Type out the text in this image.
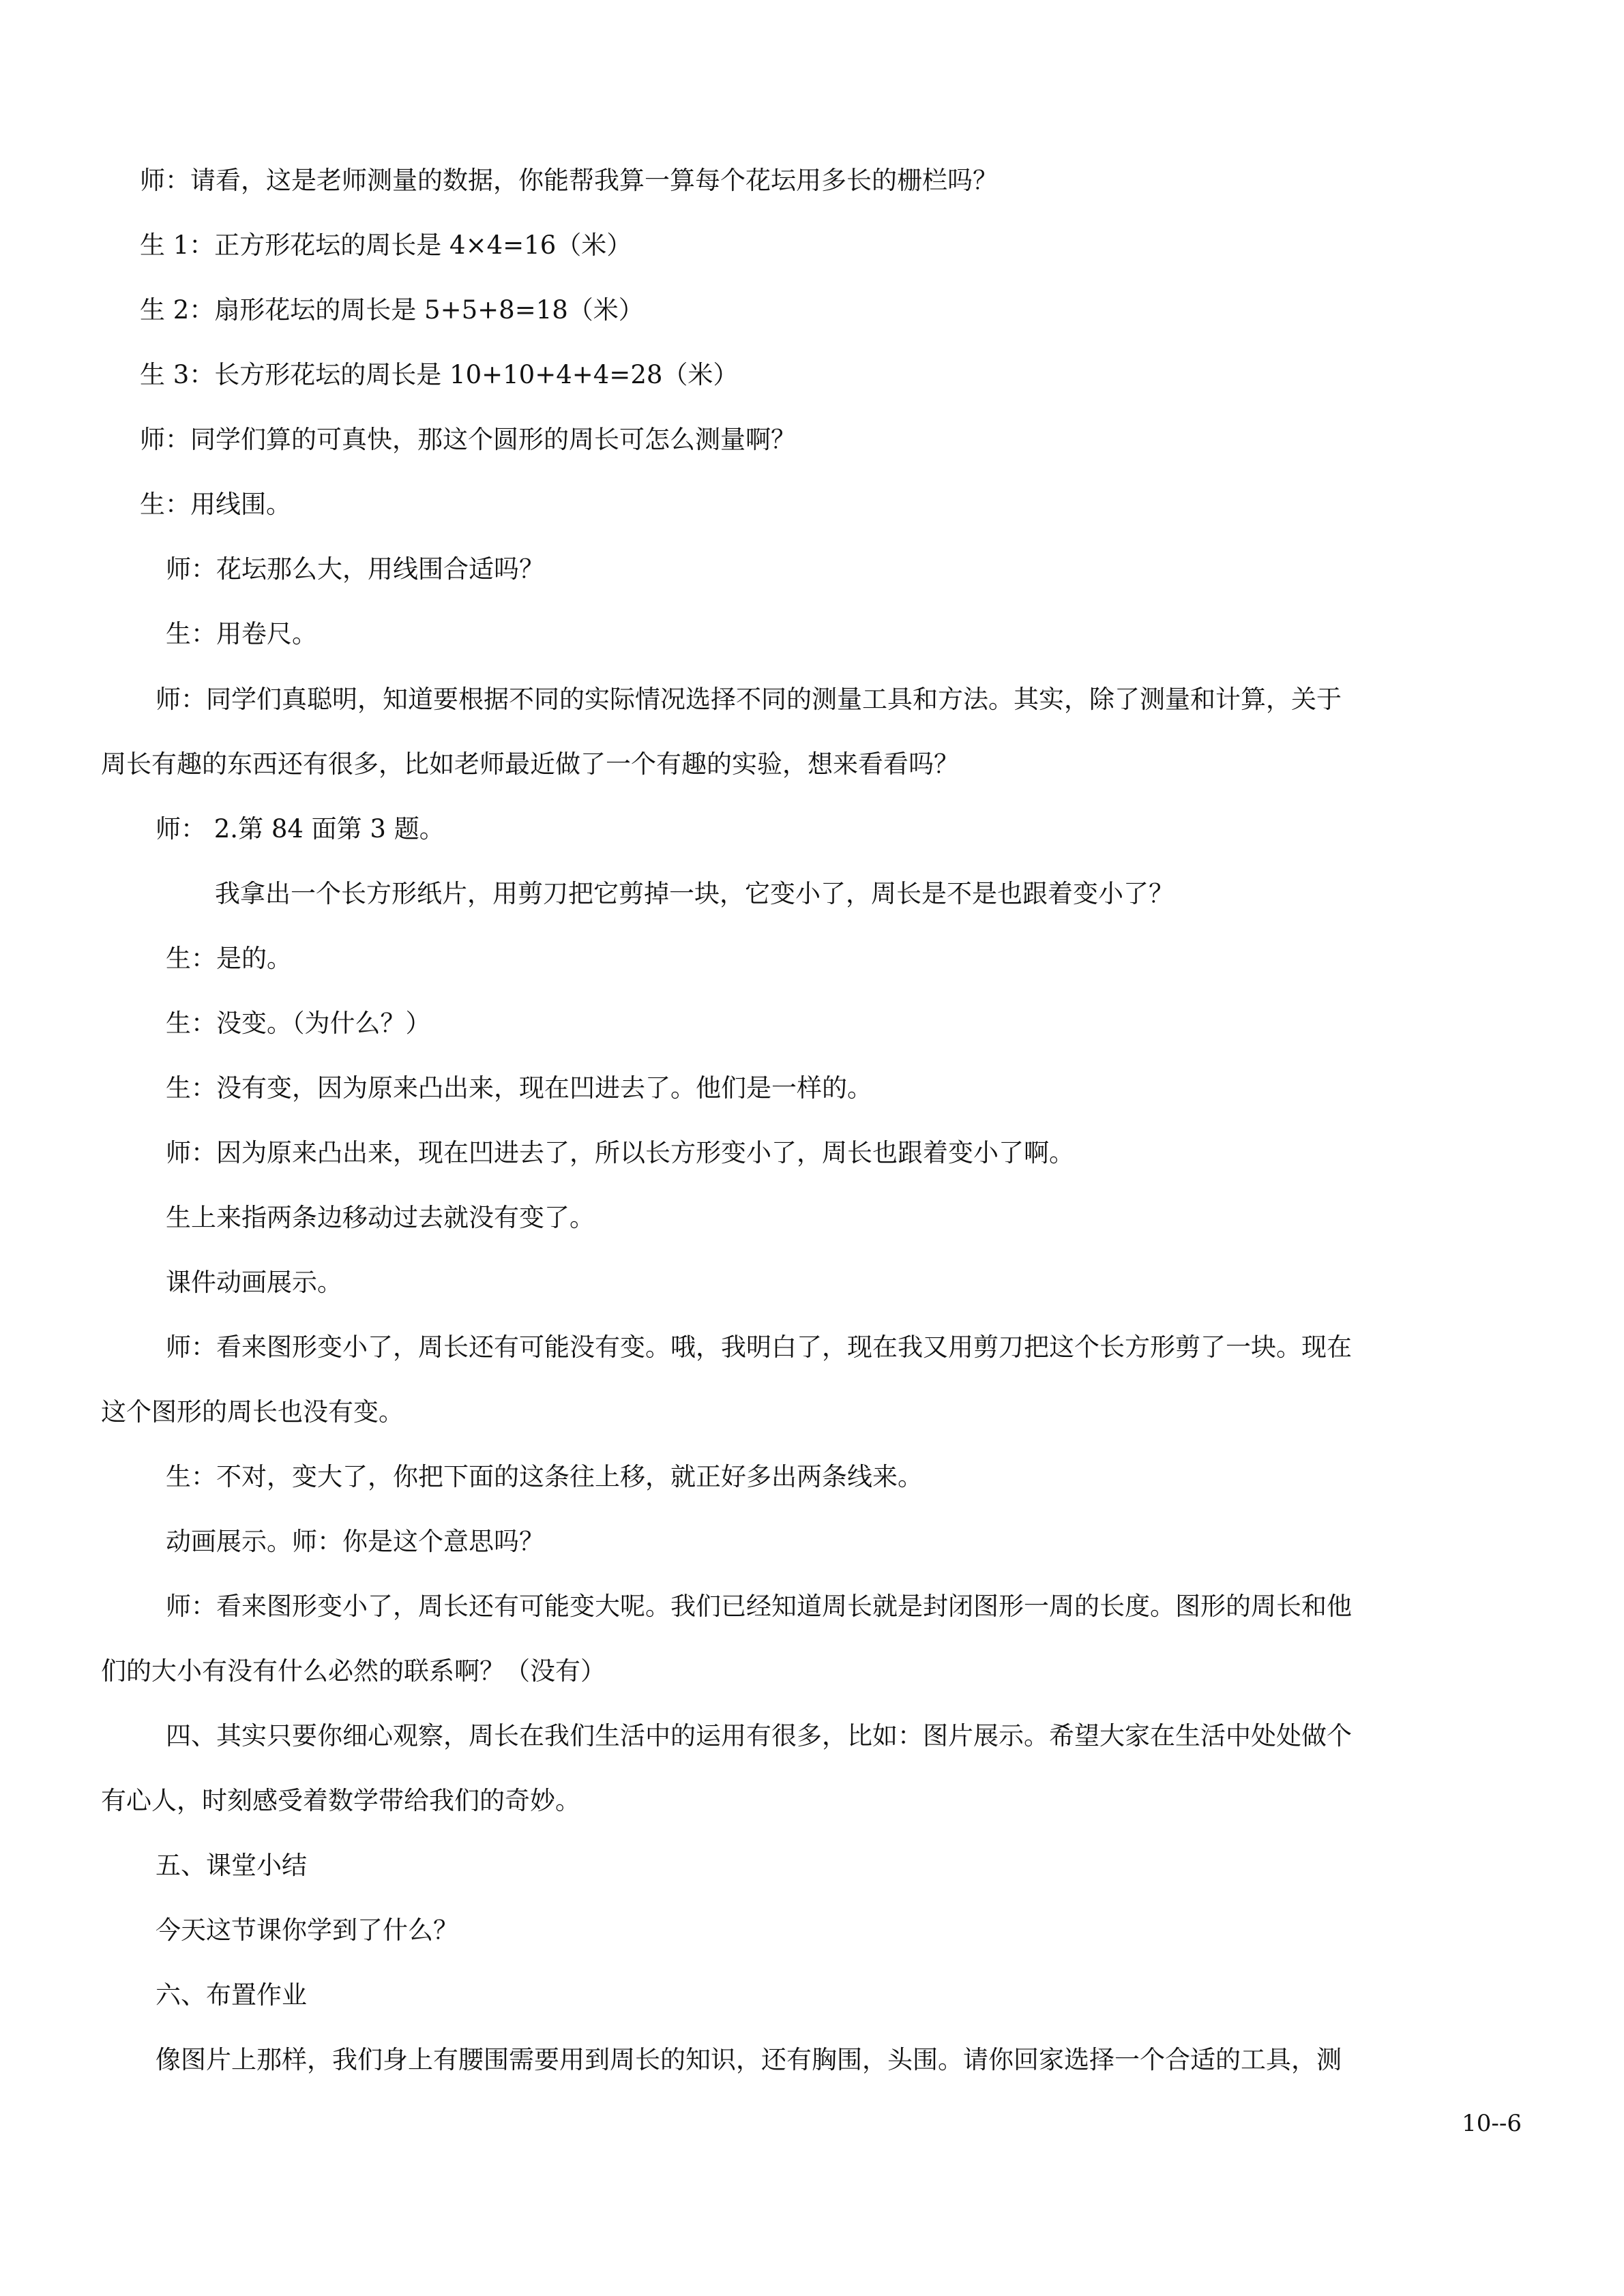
师：请看，这是老师测量的数据，你能帮我算一算每个花坛用多长的栅栏吗？
生 1：正方形花坛的周长是 4×4=16（米）
生 2：扇形花坛的周长是 5+5+8=18（米）
生 3：长方形花坛的周长是 10+10+4+4=28（米）
师：同学们算的可真快，那这个圆形的周长可怎么测量啊？
生：用线围。
师：花坛那么大，用线围合适吗？
生：用卷尺。
师：同学们真聪明，知道要根据不同的实际情况选择不同的测量工具和方法。其实，除了测量和计算，关于
周长有趣的东西还有很多，比如老师最近做了一个有趣的实验，想来看看吗？
师： 2.第 84 面第 3 题。
我拿出一个长方形纸片，用剪刀把它剪掉一块，它变小了，周长是不是也跟着变小了？
生：是的。
生：没变。（为什么？）
生：没有变，因为原来凸出来，现在凹进去了。他们是一样的。
师：因为原来凸出来，现在凹进去了，所以长方形变小了，周长也跟着变小了啊。
生上来指两条边移动过去就没有变了。
课件动画展示。
师：看来图形变小了，周长还有可能没有变。哦，我明白了，现在我又用剪刀把这个长方形剪了一块。现在
这个图形的周长也没有变。
生：不对，变大了，你把下面的这条往上移，就正好多出两条线来。
动画展示。师：你是这个意思吗？
师：看来图形变小了，周长还有可能变大呢。我们已经知道周长就是封闭图形一周的长度。图形的周长和他
们的大小有没有什么必然的联系啊？（没有）
四、其实只要你细心观察，周长在我们生活中的运用有很多，比如：图片展示。希望大家在生活中处处做个
有心人，时刻感受着数学带给我们的奇妙。
五、课堂小结
今天这节课你学到了什么？
六、布置作业
像图片上那样，我们身上有腰围需要用到周长的知识，还有胸围，头围。请你回家选择一个合适的工具，测
10--6
